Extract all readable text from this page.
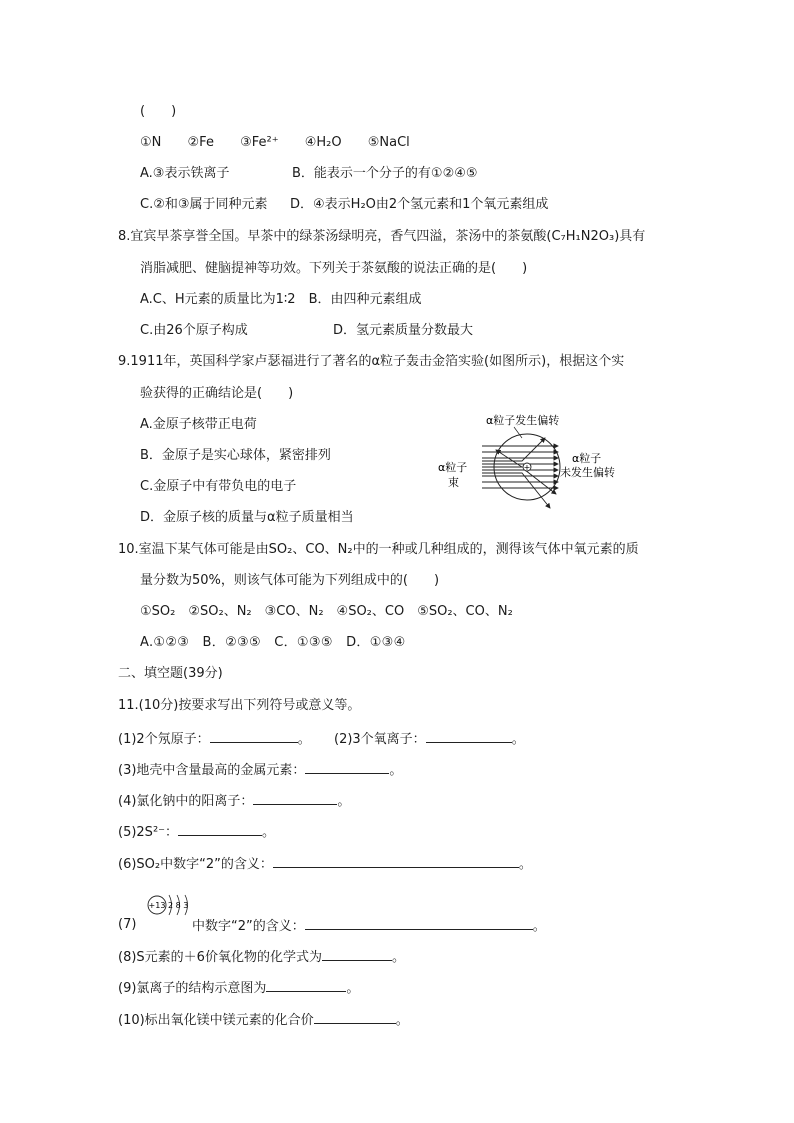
(　　)
①N ②Fe ③Fe²⁺ ④H₂O ⑤NaCl
A.③表示铁离子	B．能表示一个分子的有①②④⑤
C.②和③属于同种元素 D．④表示H₂O由2个氢元素和1个氧元素组成
8.宜宾早茶享誉全国。早茶中的绿茶汤绿明亮，香气四溢，茶汤中的茶氨酸(C₇H₁N2O₃)具有
消脂减肥、健脑提神等功效。下列关于茶氨酸的说法正确的是(　　)
A.C、H元素的质量比为1∶2　B．由四种元素组成
C.由26个原子构成	D．氢元素质量分数最大
9.1911年，英国科学家卢瑟福进行了著名的α粒子轰击金箔实验(如图所示)，根据这个实
验获得的正确结论是(　　)
A.金原子核带正电荷
B．金原子是实心球体，紧密排列
C.金原子中有带负电的电子
D．金原子核的质量与α粒子质量相当
+
α粒子发生偏转
α粒子
束
α粒子
未发生偏转
10.室温下某气体可能是由SO₂、CO、N₂中的一种或几种组成的，测得该气体中氧元素的质
量分数为50%，则该气体可能为下列组成中的(　　)
①SO₂　②SO₂、N₂　③CO、N₂　④SO₂、CO　⑤SO₂、CO、N₂
A.①②③　B．②③⑤　C．①③⑤　D．①③④
二、填空题(39分)
11.(10分)按要求写出下列符号或意义等。
(1)2个氖原子：	。 (2)3个氧离子：	。
(3)地壳中含量最高的金属元素：	。
(4)氯化钠中的阳离子：	。
(5)2S²⁻：	。
(6)SO₂中数字“2”的含义：	。
(7)
+13 2 8 3
中数字“2”的含义：	。
(8)S元素的＋6价氧化物的化学式为	。
(9)氯离子的结构示意图为	。
(10)标出氧化镁中镁元素的化合价	。
